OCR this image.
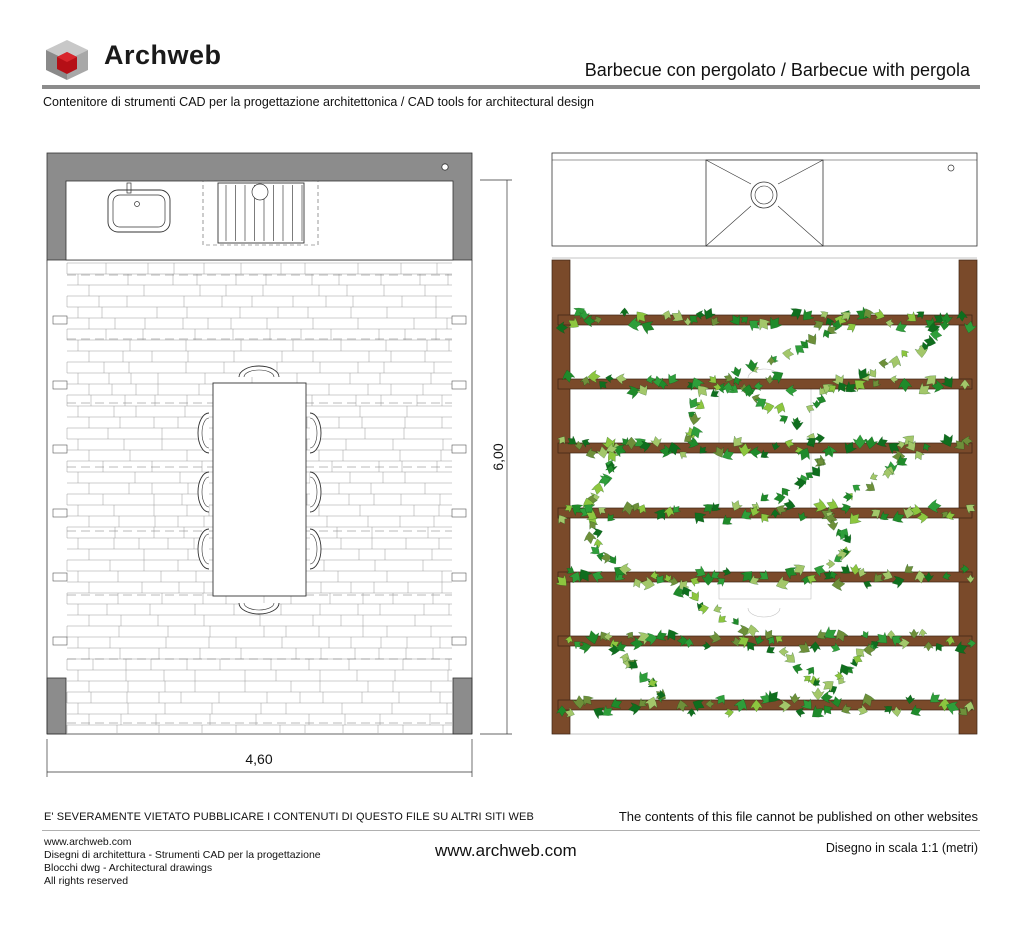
Archweb	Barbecue con pergolato / Barbecue with pergola
Contenitore di strumenti CAD per la progettazione architettonica / CAD tools for architectural design
4,60
6,00
E' SEVERAMENTE VIETATO PUBBLICARE I CONTENUTI DI QUESTO FILE SU ALTRI SITI WEB	The contents of this file cannot be published on other websites
www.archweb.com
Disegni di architettura - Strumenti CAD per la progettazione
Blocchi dwg - Architectural drawings
All rights reserved
www.archweb.com	Disegno in scala 1:1 (metri)
